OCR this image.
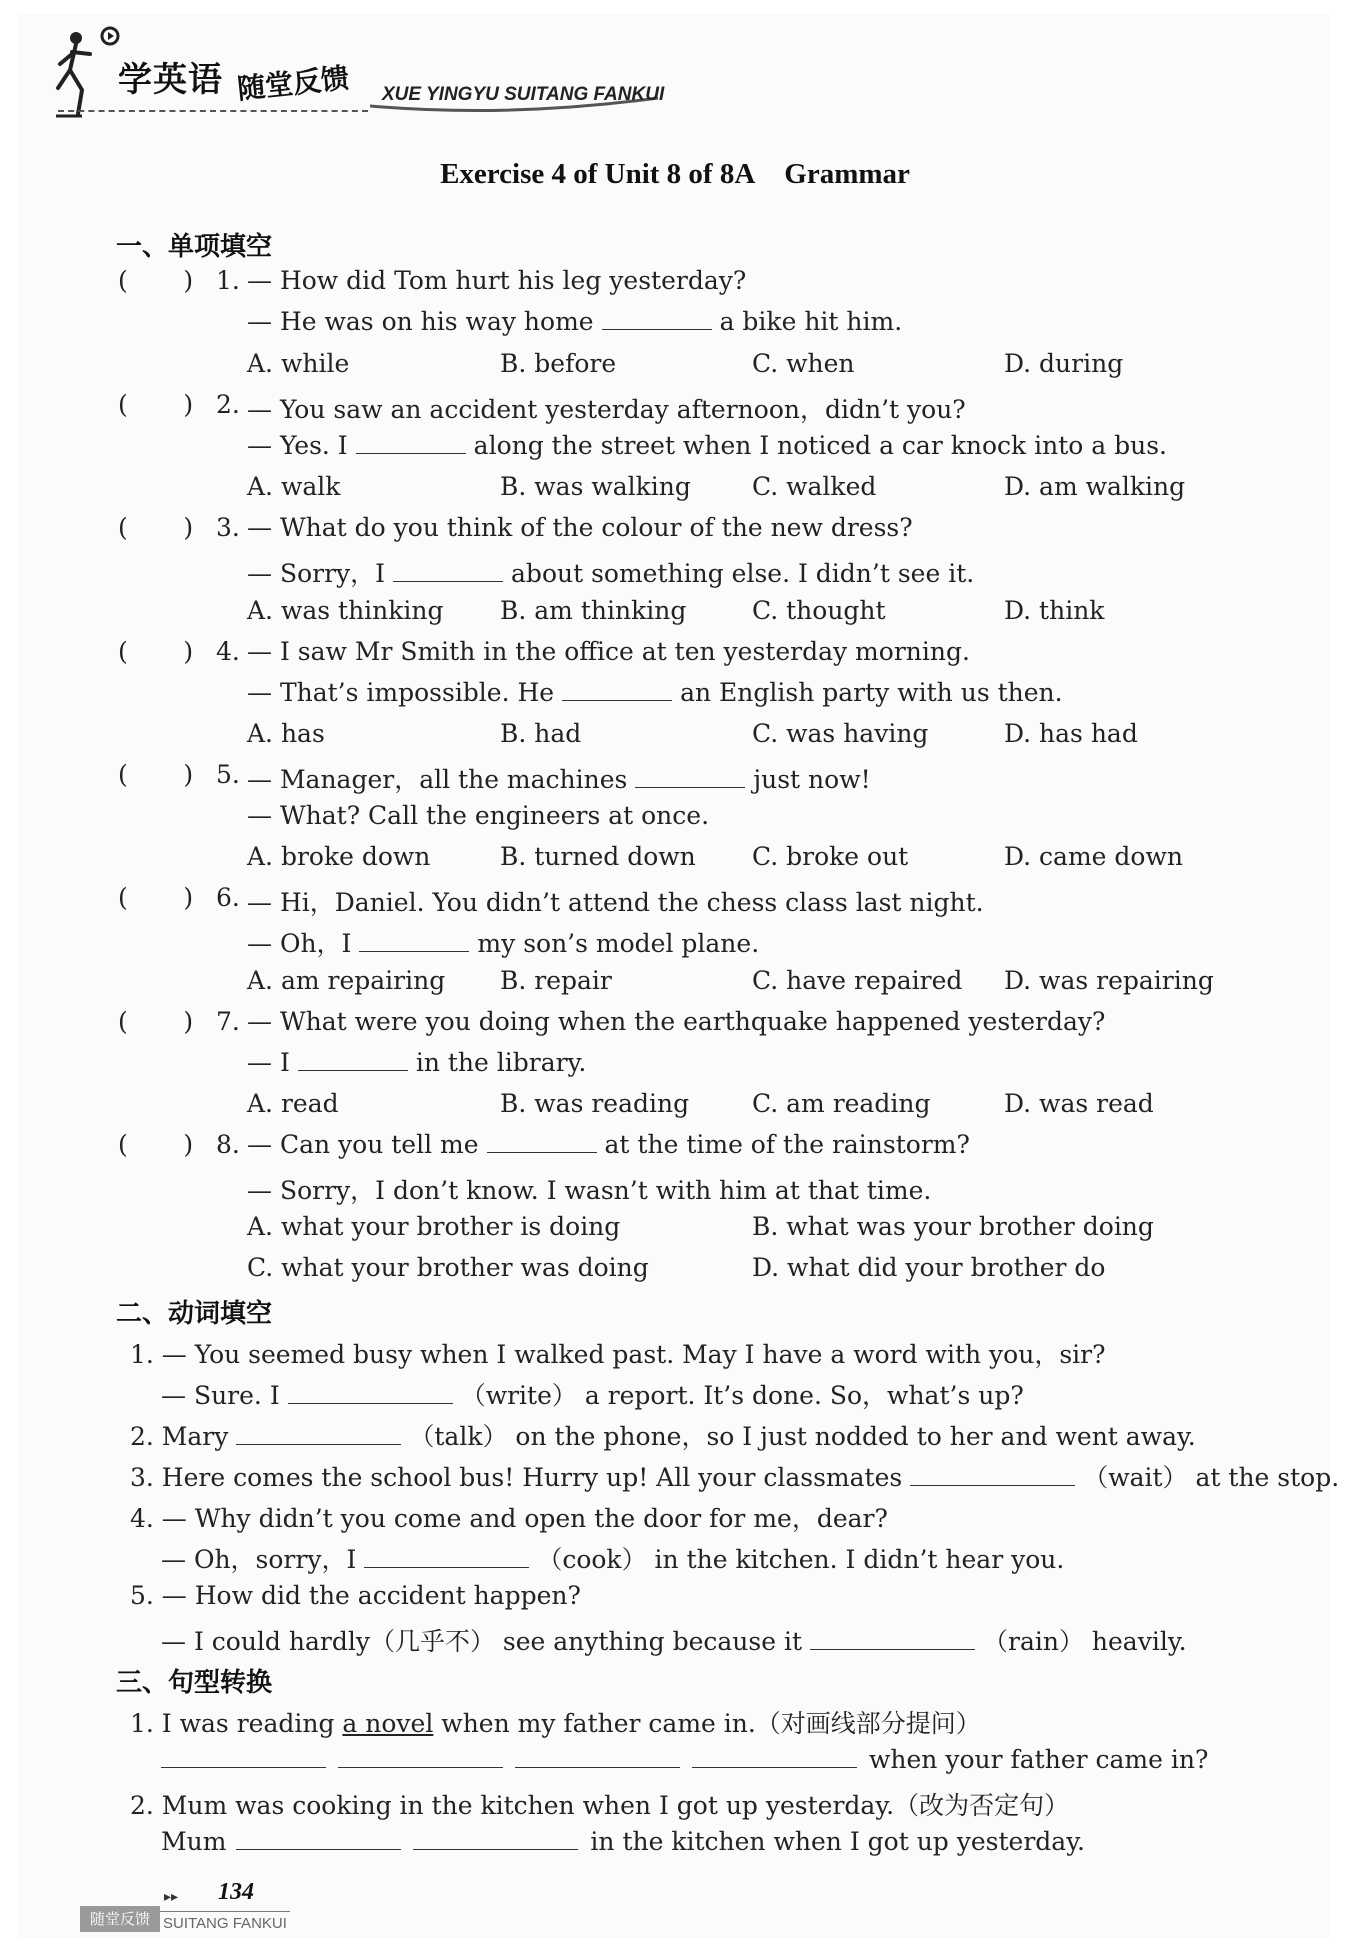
学英语 随堂反馈 XUE YINGYU SUITANG FANKUI
Exercise 4 of Unit 8 of 8A Grammar
一、单项填空
(       ) 1. — How did Tom hurt his leg yesterday?
— He was on his way home	a bike hit him.
A. while	B. before	C. when	D. during
(       ) 2. — You saw an accident yesterday afternoon，didn’t you?
— Yes. I	along the street when I noticed a car knock into a bus.
A. walk	B. was walking C. walked	D. am walking
(       ) 3. — What do you think of the colour of the new dress?
— Sorry，I	about something else. I didn’t see it.
A. was thinking B. am thinking	C. thought	D. think
(       ) 4. — I saw Mr Smith in the office at ten yesterday morning.
— That’s impossible. He	an English party with us then.
A. has	B. had	C. was having	D. has had
(       ) 5. — Manager，all the machines	just now!
— What? Call the engineers at once.
A. broke down	B. turned down C. broke out	D. came down
(       ) 6. — Hi，Daniel. You didn’t attend the chess class last night.
— Oh，I	my son’s model plane.
A. am repairing B. repair	C. have repaired D. was repairing
(       ) 7. — What were you doing when the earthquake happened yesterday?
— I	in the library.
A. read	B. was reading	C. am reading	D. was read
(       ) 8. — Can you tell me	at the time of the rainstorm?
— Sorry，I don’t know. I wasn’t with him at that time.
A. what your brother is doing	B. what was your brother doing
C. what your brother was doing	D. what did your brother do
二、动词填空
1. — You seemed busy when I walked past. May I have a word with you，sir?
— Sure. I	（write） a report. It’s done. So，what’s up?
2. Mary	（talk） on the phone，so I just nodded to her and went away.
3. Here comes the school bus! Hurry up! All your classmates	（wait） at the stop.
4. — Why didn’t you come and open the door for me，dear?
— Oh，sorry，I	（cook） in the kitchen. I didn’t hear you.
5. — How did the accident happen?
— I could hardly（几乎不） see anything because it	（rain） heavily.
三、句型转换
1. I was reading a novel when my father came in.（对画线部分提问）
when your father came in?
2. Mum was cooking in the kitchen when I got up yesterday.（改为否定句）
Mum	in the kitchen when I got up yesterday.
▸▸ 134
随堂反馈 SUITANG FANKUI
